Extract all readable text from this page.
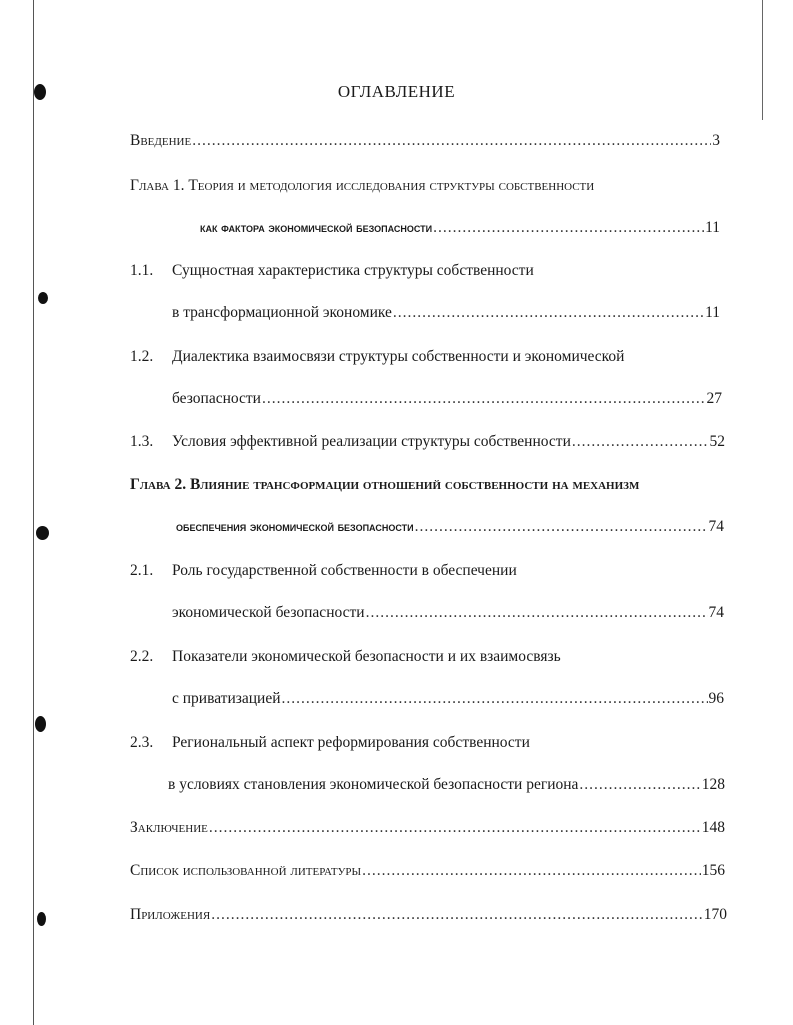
ОГЛАВЛЕНИЕ
Введение .....	3
Глава 1. Теория и методология исследования структуры собственности
как фактора экономической безопасности .....	11
1.1. Сущностная характеристика структуры собственности
в трансформационной экономике .....	11
1.2. Диалектика взаимосвязи структуры собственности и экономической
безопасности .....	27
1.3. Условия эффективной реализации структуры собственности .....	52
Глава 2. Влияние трансформации отношений собственности на механизм
обеспечения экономической безопасности .....	74
2.1. Роль государственной собственности в обеспечении
экономической безопасности .....	74
2.2. Показатели экономической безопасности и их взаимосвязь
с приватизацией .....	96
2.3. Региональный аспект реформирования собственности
в условиях становления экономической безопасности региона .....	128
Заключение .....	148
Список использованной литературы .....	156
Приложения .....	170
